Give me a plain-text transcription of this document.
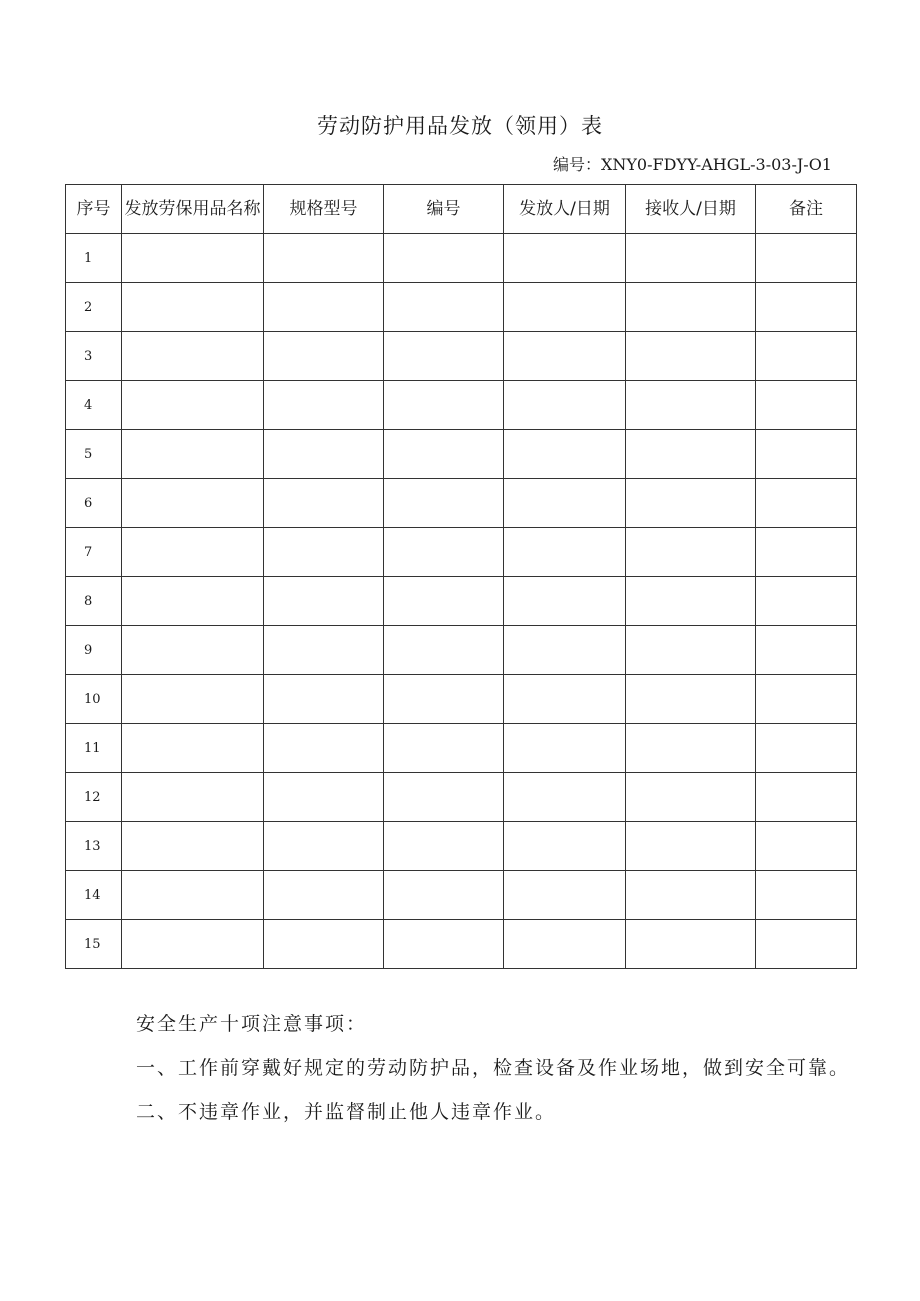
劳动防护用品发放（领用）表
编号：XNY0-FDYY-AHGL-3-03-J-O1
序号	发放劳保用品名称	规格型号	编号	发放人/日期	接收人/日期	备注
1						
2						
3						
4						
5						
6						
7						
8						
9						
10						
11						
12						
13						
14						
15						

安全生产十项注意事项：

一、工作前穿戴好规定的劳动防护品，检查设备及作业场地，做到安全可靠。

二、不违章作业，并监督制止他人违章作业。
